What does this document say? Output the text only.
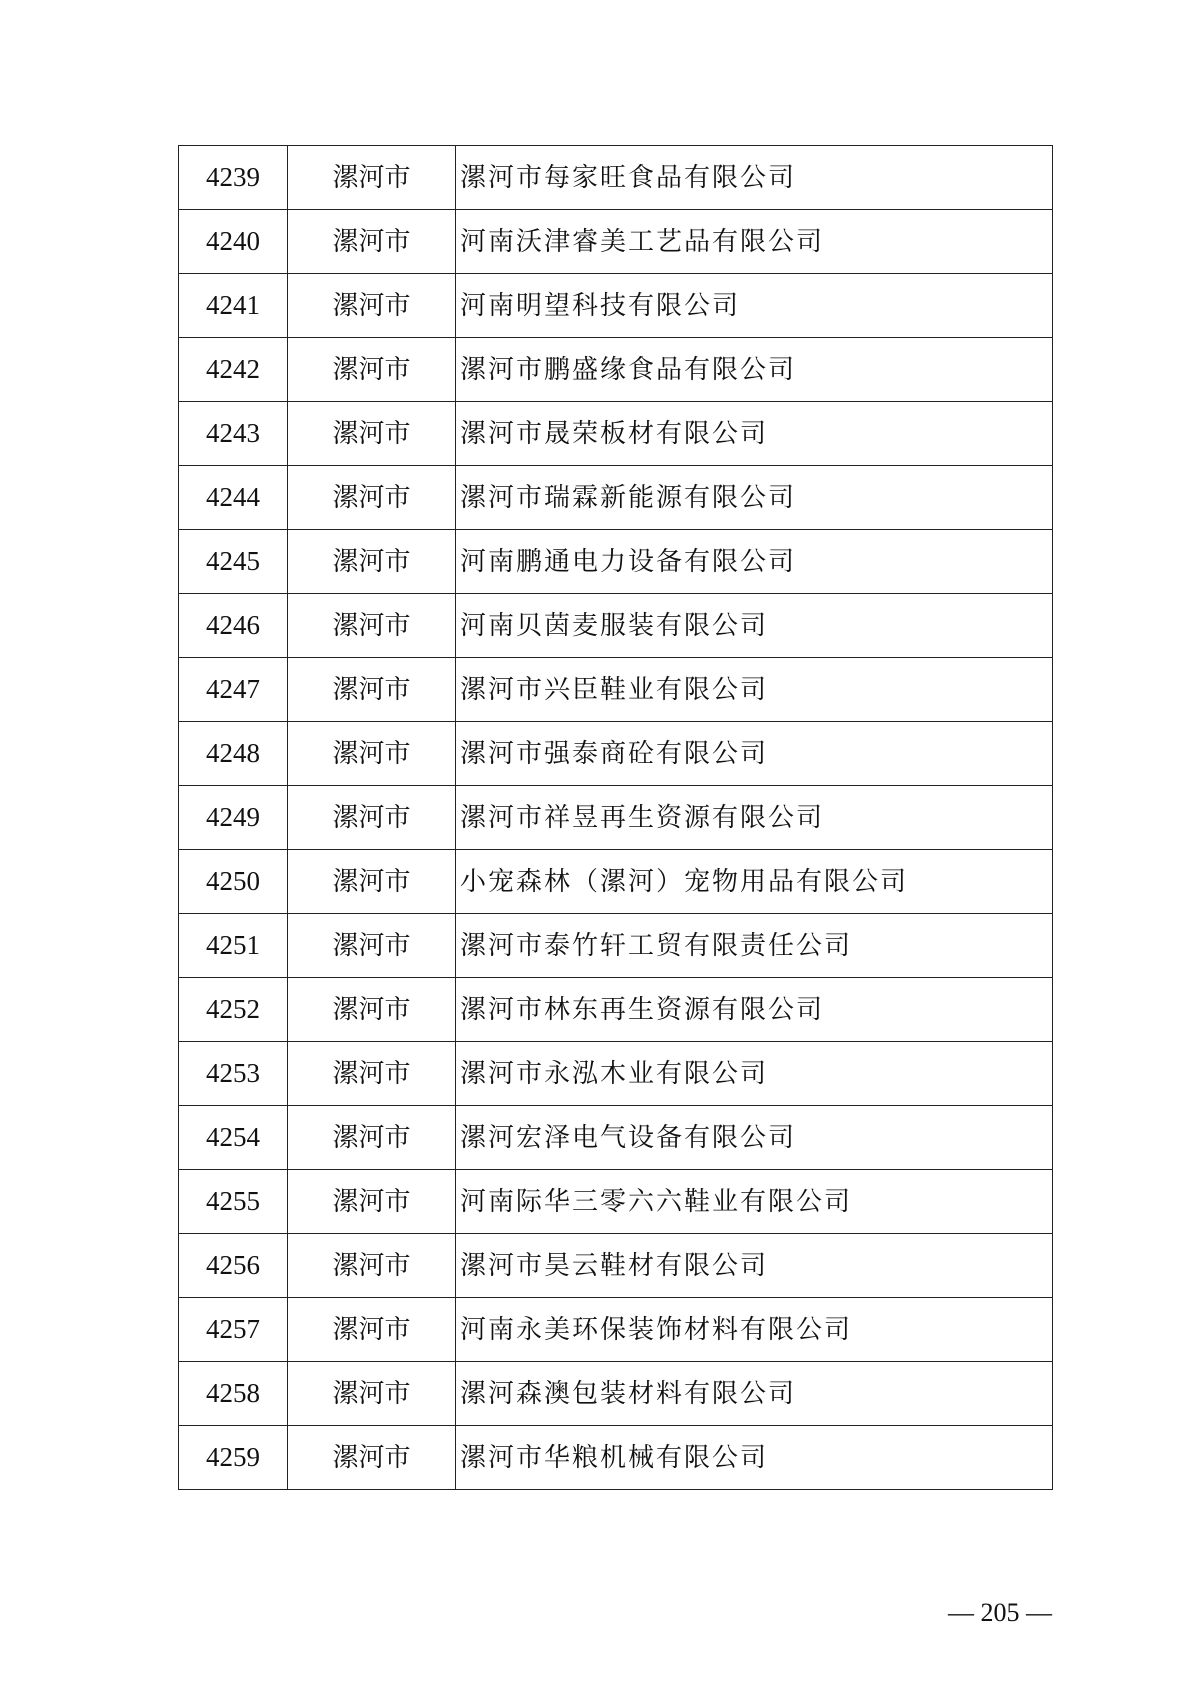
4239	漯河市	漯河市每家旺食品有限公司
4240	漯河市	河南沃津睿美工艺品有限公司
4241	漯河市	河南明望科技有限公司
4242	漯河市	漯河市鹏盛缘食品有限公司
4243	漯河市	漯河市晟荣板材有限公司
4244	漯河市	漯河市瑞霖新能源有限公司
4245	漯河市	河南鹏通电力设备有限公司
4246	漯河市	河南贝茵麦服装有限公司
4247	漯河市	漯河市兴臣鞋业有限公司
4248	漯河市	漯河市强泰商砼有限公司
4249	漯河市	漯河市祥昱再生资源有限公司
4250	漯河市	小宠森林（漯河）宠物用品有限公司
4251	漯河市	漯河市泰竹轩工贸有限责任公司
4252	漯河市	漯河市林东再生资源有限公司
4253	漯河市	漯河市永泓木业有限公司
4254	漯河市	漯河宏泽电气设备有限公司
4255	漯河市	河南际华三零六六鞋业有限公司
4256	漯河市	漯河市昊云鞋材有限公司
4257	漯河市	河南永美环保装饰材料有限公司
4258	漯河市	漯河森澳包装材料有限公司
4259	漯河市	漯河市华粮机械有限公司
— 205 —
